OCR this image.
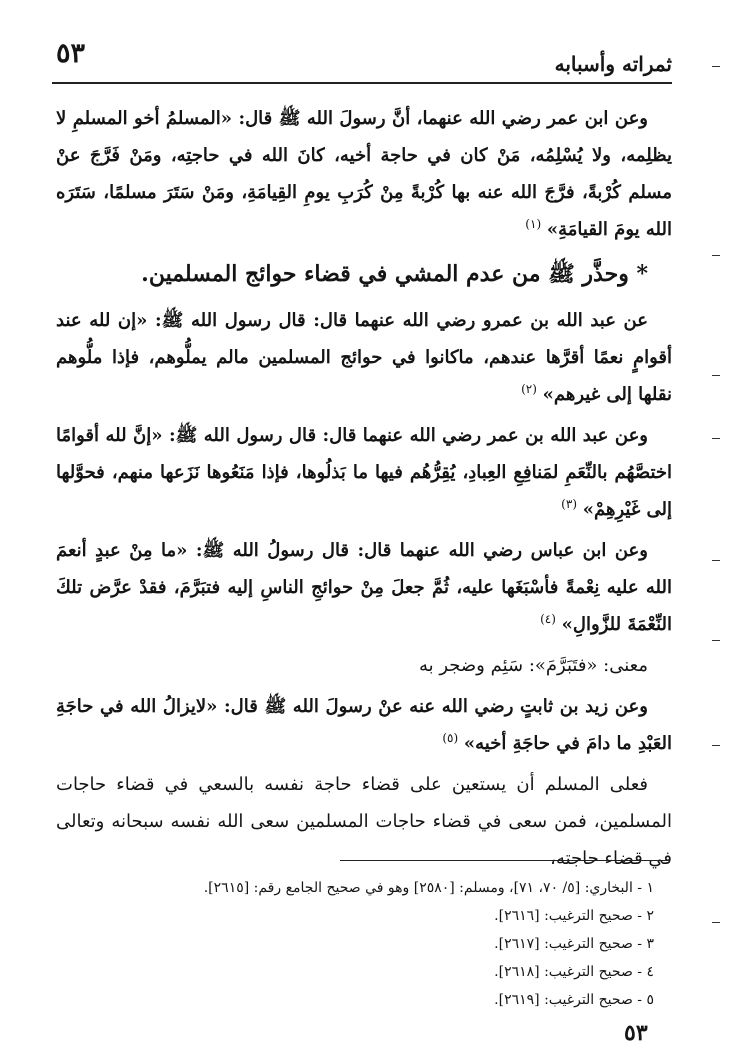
ثمراته وأسبابه
٥٣

وعن ابن عمر رضي الله عنهما، أنَّ رسولَ الله ﷺ قال: «المسلمُ أخو المسلمِ لا يظلِمه، ولا يُسْلِمُه، مَنْ كان في حاجة أخيه، كانَ الله في حاجتِه، ومَنْ فَرَّجَ عنْ مسلم كُرْبةً، فرَّجَ الله عنه بها كُرْبةً مِنْ كُرَبِ يومِ القِيامَةِ، ومَنْ سَتَرَ مسلمًا، سَتَرَه الله يومَ القيامَةِ» $^{(١)}$

* وحذَّر ﷺ من عدم المشي في قضاء حوائج المسلمين.

عن عبد الله بن عمرو رضي الله عنهما قال: قال رسول الله ﷺ: «إن لله عند أقوامٍ نعمًا أقرَّها عندهم، ماكانوا في حوائج المسلمين مالم يملُّوهم، فإذا ملُّوهم نقلها إلى غيرهم» $^{(٢)}$

وعن عبد الله بن عمر رضي الله عنهما قال: قال رسول الله ﷺ: «إنَّ لله أقوامًا اختصَّهُم بالنِّعَمِ لمَنافِعِ العِبادِ، يُقِرُّهُم فيها ما بَذلُوها، فإذا مَنَعُوها نَزَعها منهم، فحوَّلها إلى غَيْرِهِمْ» $^{(٣)}$

وعن ابن عباس رضي الله عنهما قال: قال رسولُ الله ﷺ: «ما مِنْ عبدٍ أنعمَ الله عليه نِعْمةً فأسْبَغَها عليه، ثُمَّ جعلَ مِنْ حوائجِ الناسِ إليه فتبَرَّمَ، فقدْ عرَّض تلكَ النِّعْمَةَ للزَّوالِ» $^{(٤)}$

معنى: «فتَبَرَّمَ»: سَئِم وضجر به

وعن زيد بن ثابتٍ رضي الله عنه عنْ رسولَ الله ﷺ قال: «لايزالُ الله في حاجَةِ العَبْدِ ما دامَ في حاجَةِ أخيه» $^{(٥)}$

فعلى المسلم أن يستعين على قضاء حاجة نفسه بالسعي في قضاء حاجات المسلمين، فمن سعى في قضاء حاجات المسلمين سعى الله نفسه سبحانه وتعالى في قضاء حاجته،

١ - البخاري: [٥/ ٧٠، ٧١]، ومسلم: [٢٥٨٠] وهو في صحيح الجامع رقم: [٢٦١٥].
٢ - صحيح الترغيب: [٢٦١٦].
٣ - صحيح الترغيب: [٢٦١٧].
٤ - صحيح الترغيب: [٢٦١٨].
٥ - صحيح الترغيب: [٢٦١٩].
٥٣
